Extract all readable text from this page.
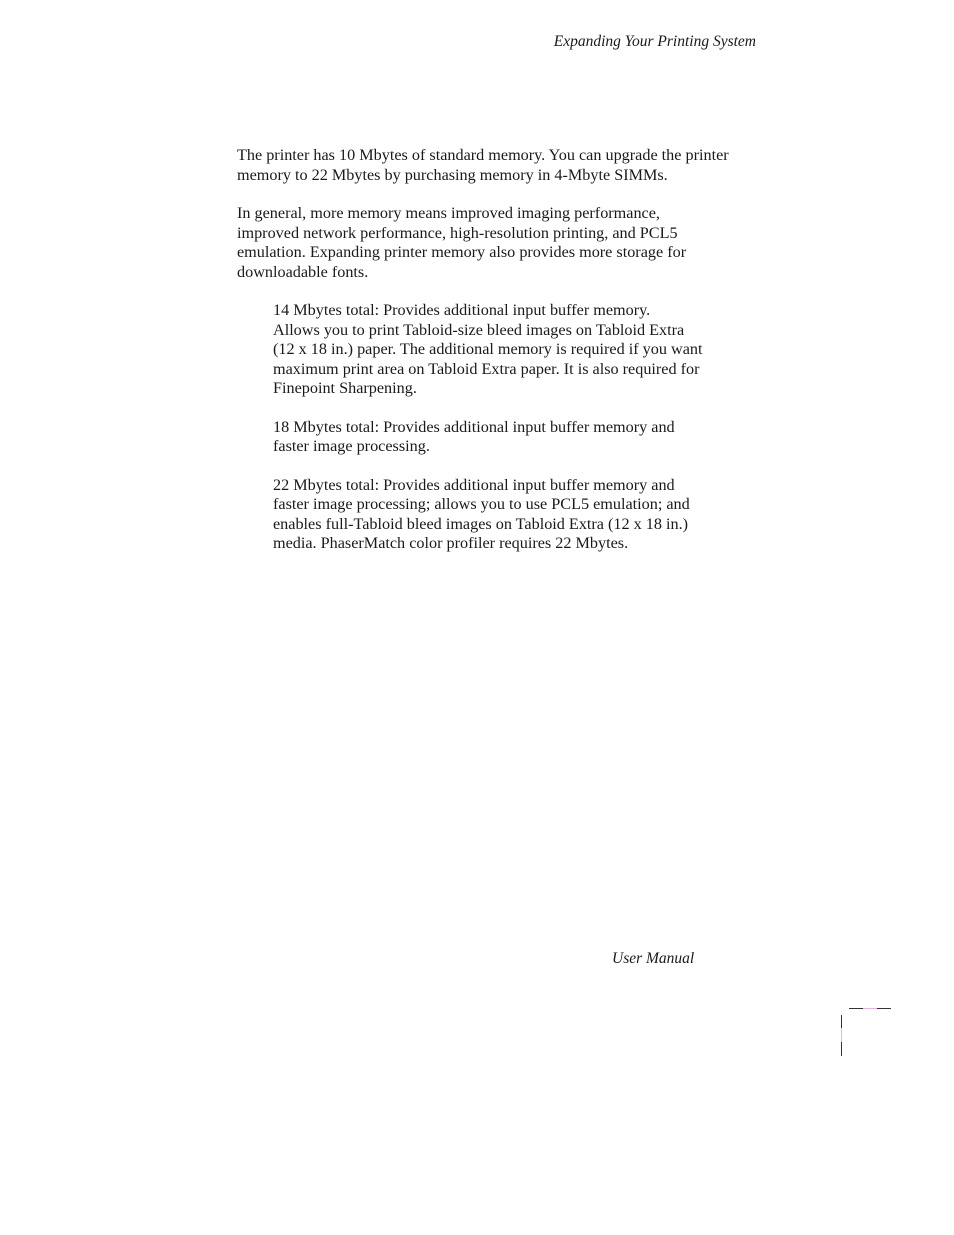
Expanding Your Printing System

The printer has 10 Mbytes of standard memory. You can upgrade the printer
memory to 22 Mbytes by purchasing memory in 4-Mbyte SIMMs.

In general, more memory means improved imaging performance,
improved network performance, high-resolution printing, and PCL5
emulation. Expanding printer memory also provides more storage for
downloadable fonts.

14 Mbytes total: Provides additional input buffer memory.
Allows you to print Tabloid-size bleed images on Tabloid Extra
(12 x 18 in.) paper. The additional memory is required if you want
maximum print area on Tabloid Extra paper. It is also required for
Finepoint Sharpening.

18 Mbytes total: Provides additional input buffer memory and
faster image processing.

22 Mbytes total: Provides additional input buffer memory and
faster image processing; allows you to use PCL5 emulation; and
enables full-Tabloid bleed images on Tabloid Extra (12 x 18 in.)
media. PhaserMatch color profiler requires 22 Mbytes.

User Manual
